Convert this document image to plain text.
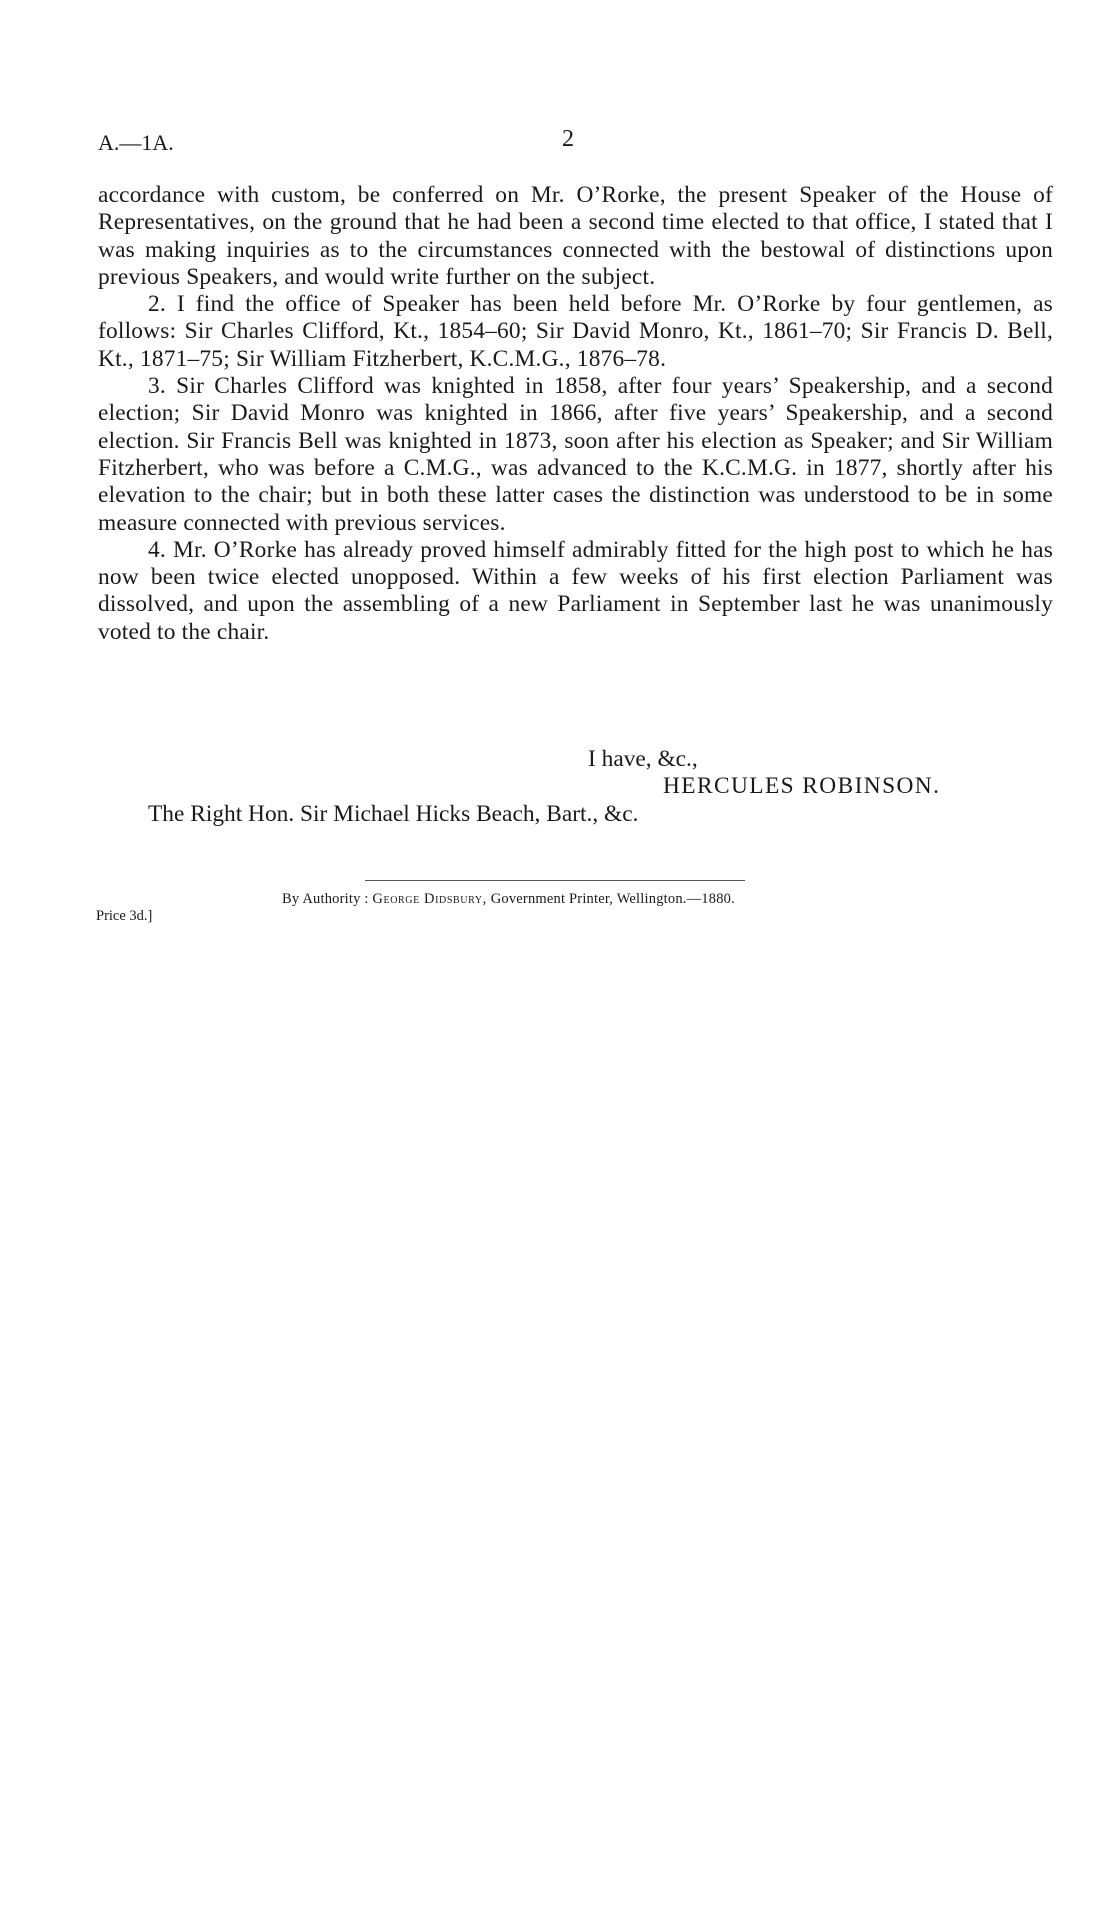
A.—1A.	2

accordance with custom, be conferred on Mr. O’Rorke, the present Speaker of the House of Representatives, on the ground that he had been a second time elected to that office, I stated that I was making inquiries as to the circumstances connected with the bestowal of distinctions upon previous Speakers, and would write further on the subject.

2. I find the office of Speaker has been held before Mr. O’Rorke by four gentlemen, as follows: Sir Charles Clifford, Kt., 1854–60; Sir David Monro, Kt., 1861–70; Sir Francis D. Bell, Kt., 1871–75; Sir William Fitzherbert, K.C.M.G., 1876–78.

3. Sir Charles Clifford was knighted in 1858, after four years’ Speakership, and a second election; Sir David Monro was knighted in 1866, after five years’ Speakership, and a second election. Sir Francis Bell was knighted in 1873, soon after his election as Speaker; and Sir William Fitzherbert, who was before a C.M.G., was advanced to the K.C.M.G. in 1877, shortly after his elevation to the chair; but in both these latter cases the distinction was understood to be in some measure connected with previous services.

4. Mr. O’Rorke has already proved himself admirably fitted for the high post to which he has now been twice elected unopposed. Within a few weeks of his first election Parliament was dissolved, and upon the assembling of a new Parliament in September last he was unanimously voted to the chair.

I have, &c.,
HERCULES ROBINSON.
The Right Hon. Sir Michael Hicks Beach, Bart., &c.
By Authority : George Didsbury, Government Printer, Wellington.—1880.
Price 3d.]
